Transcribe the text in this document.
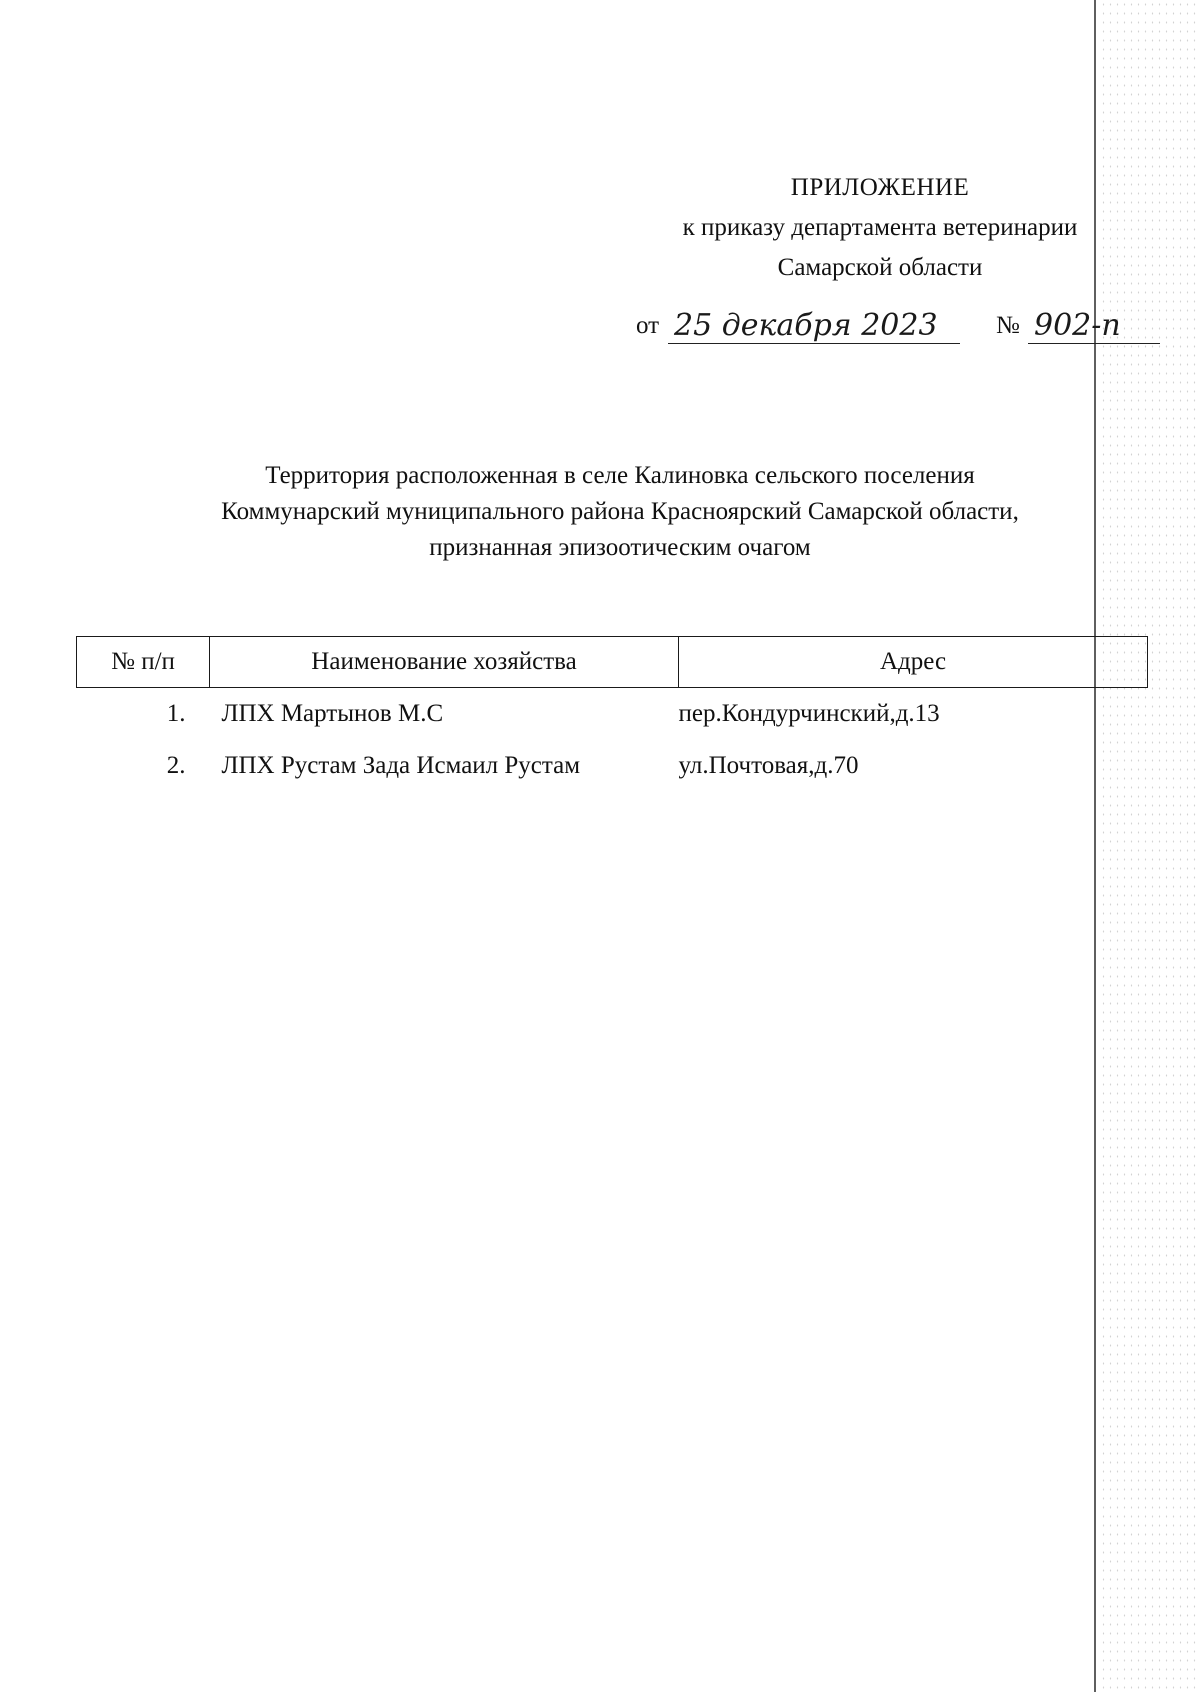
ПРИЛОЖЕНИЕ
к приказу департамента ветеринарии
Самарской области
от 25 декабря 2023	№ 902-п
Территория расположенная в селе Калиновка сельского поселения
Коммунарский муниципального района Красноярский Самарской области,
признанная эпизоотическим очагом
№ п/п	Наименование хозяйства	Адрес
1.	ЛПХ Мартынов М.С	пер.Кондурчинский,д.13
2.	ЛПХ Рустам Зада Исмаил Рустам	ул.Почтовая,д.70
